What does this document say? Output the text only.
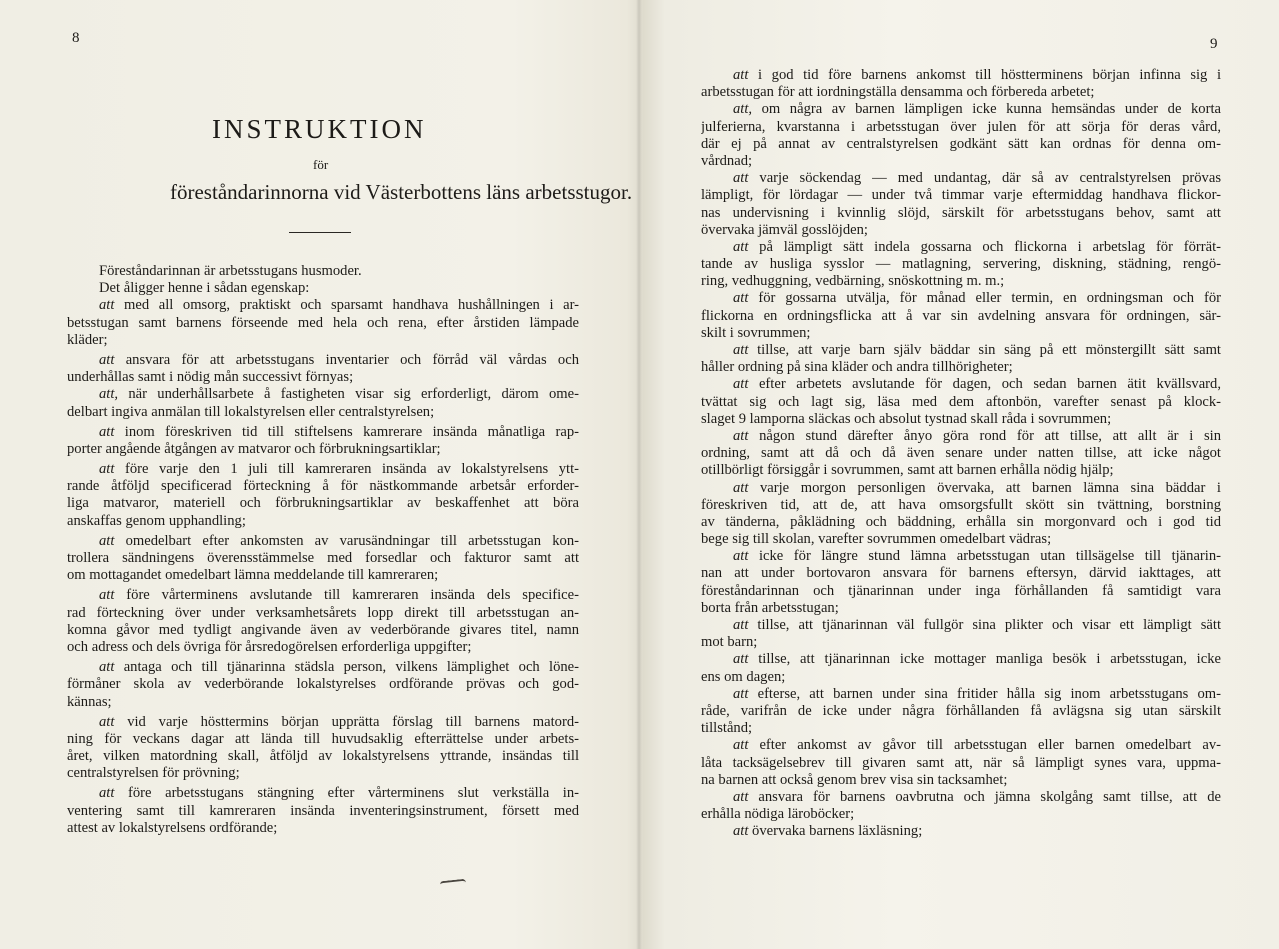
8
INSTRUKTION
för
föreståndarinnorna vid Västerbottens läns arbetsstugor.
Föreståndarinnan är arbetsstugans husmoder.
Det åligger henne i sådan egenskap:
att med all omsorg, praktiskt och sparsamt handhava hushållningen i ar-
betsstugan samt barnens förseende med hela och rena, efter årstiden lämpade
kläder;
att ansvara för att arbetsstugans inventarier och förråd väl vårdas och
underhållas samt i nödig mån successivt förnyas;
att, när underhållsarbete å fastigheten visar sig erforderligt, därom ome-
delbart ingiva anmälan till lokalstyrelsen eller centralstyrelsen;
att inom föreskriven tid till stiftelsens kamrerare insända månatliga rap-
porter angående åtgången av matvaror och förbrukningsartiklar;
att före varje den 1 juli till kamreraren insända av lokalstyrelsens ytt-
rande åtföljd specificerad förteckning å för nästkommande arbetsår erforder-
liga matvaror, materiell och förbrukningsartiklar av beskaffenhet att böra
anskaffas genom upphandling;
att omedelbart efter ankomsten av varusändningar till arbetsstugan kon-
trollera sändningens överensstämmelse med forsedlar och fakturor samt att
om mottagandet omedelbart lämna meddelande till kamreraren;
att före vårterminens avslutande till kamreraren insända dels specifice-
rad förteckning över under verksamhetsårets lopp direkt till arbetsstugan an-
komna gåvor med tydligt angivande även av vederbörande givares titel, namn
och adress och dels övriga för årsredogörelsen erforderliga uppgifter;
att antaga och till tjänarinna städsla person, vilkens lämplighet och löne-
förmåner skola av vederbörande lokalstyrelses ordförande prövas och god-
kännas;
att vid varje hösttermins början upprätta förslag till barnens matord-
ning för veckans dagar att lända till huvudsaklig efterrättelse under arbets-
året, vilken matordning skall, åtföljd av lokalstyrelsens yttrande, insändas till
centralstyrelsen för prövning;
att före arbetsstugans stängning efter vårterminens slut verkställa in-
ventering samt till kamreraren insända inventeringsinstrument, försett med
attest av lokalstyrelsens ordförande;
9
att i god tid före barnens ankomst till höstterminens början infinna sig i
arbetsstugan för att iordningställa densamma och förbereda arbetet;
att, om några av barnen lämpligen icke kunna hemsändas under de korta
julferierna, kvarstanna i arbetsstugan över julen för att sörja för deras vård,
där ej på annat av centralstyrelsen godkänt sätt kan ordnas för denna om-
vårdnad;
att varje söckendag — med undantag, där så av centralstyrelsen prövas
lämpligt, för lördagar — under två timmar varje eftermiddag handhava flickor-
nas undervisning i kvinnlig slöjd, särskilt för arbetsstugans behov, samt att
övervaka jämväl gosslöjden;
att på lämpligt sätt indela gossarna och flickorna i arbetslag för förrät-
tande av husliga sysslor — matlagning, servering, diskning, städning, rengö-
ring, vedhuggning, vedbärning, snöskottning m. m.;
att för gossarna utvälja, för månad eller termin, en ordningsman och för
flickorna en ordningsflicka att å var sin avdelning ansvara för ordningen, sär-
skilt i sovrummen;
att tillse, att varje barn själv bäddar sin säng på ett mönstergillt sätt samt
håller ordning på sina kläder och andra tillhörigheter;
att efter arbetets avslutande för dagen, och sedan barnen ätit kvällsvard,
tvättat sig och lagt sig, läsa med dem aftonbön, varefter senast på klock-
slaget 9 lamporna släckas och absolut tystnad skall råda i sovrummen;
att någon stund därefter ånyo göra rond för att tillse, att allt är i sin
ordning, samt att då och då även senare under natten tillse, att icke något
otillbörligt försiggår i sovrummen, samt att barnen erhålla nödig hjälp;
att varje morgon personligen övervaka, att barnen lämna sina bäddar i
föreskriven tid, att de, att hava omsorgsfullt skött sin tvättning, borstning
av tänderna, påklädning och bäddning, erhålla sin morgonvard och i god tid
bege sig till skolan, varefter sovrummen omedelbart vädras;
att icke för längre stund lämna arbetsstugan utan tillsägelse till tjänarin-
nan att under bortovaron ansvara för barnens eftersyn, därvid iakttages, att
föreståndarinnan och tjänarinnan under inga förhållanden få samtidigt vara
borta från arbetsstugan;
att tillse, att tjänarinnan väl fullgör sina plikter och visar ett lämpligt sätt
mot barn;
att tillse, att tjänarinnan icke mottager manliga besök i arbetsstugan, icke
ens om dagen;
att efterse, att barnen under sina fritider hålla sig inom arbetsstugans om-
råde, varifrån de icke under några förhållanden få avlägsna sig utan särskilt
tillstånd;
att efter ankomst av gåvor till arbetsstugan eller barnen omedelbart av-
låta tacksägelsebrev till givaren samt att, när så lämpligt synes vara, uppma-
na barnen att också genom brev visa sin tacksamhet;
att ansvara för barnens oavbrutna och jämna skolgång samt tillse, att de
erhålla nödiga läroböcker;
att övervaka barnens läxläsning;
